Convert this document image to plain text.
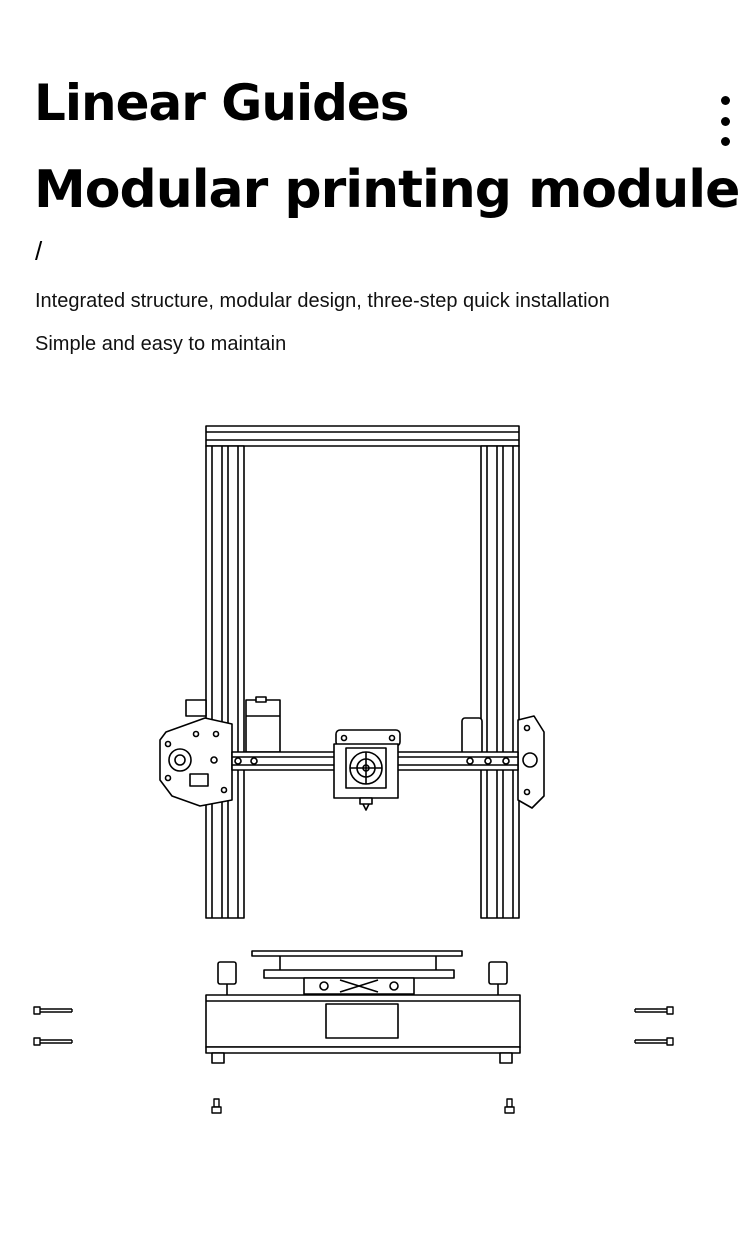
Linear Guides
Modular printing module
/
Integrated structure, modular design, three-step quick installation
Simple and easy to maintain
